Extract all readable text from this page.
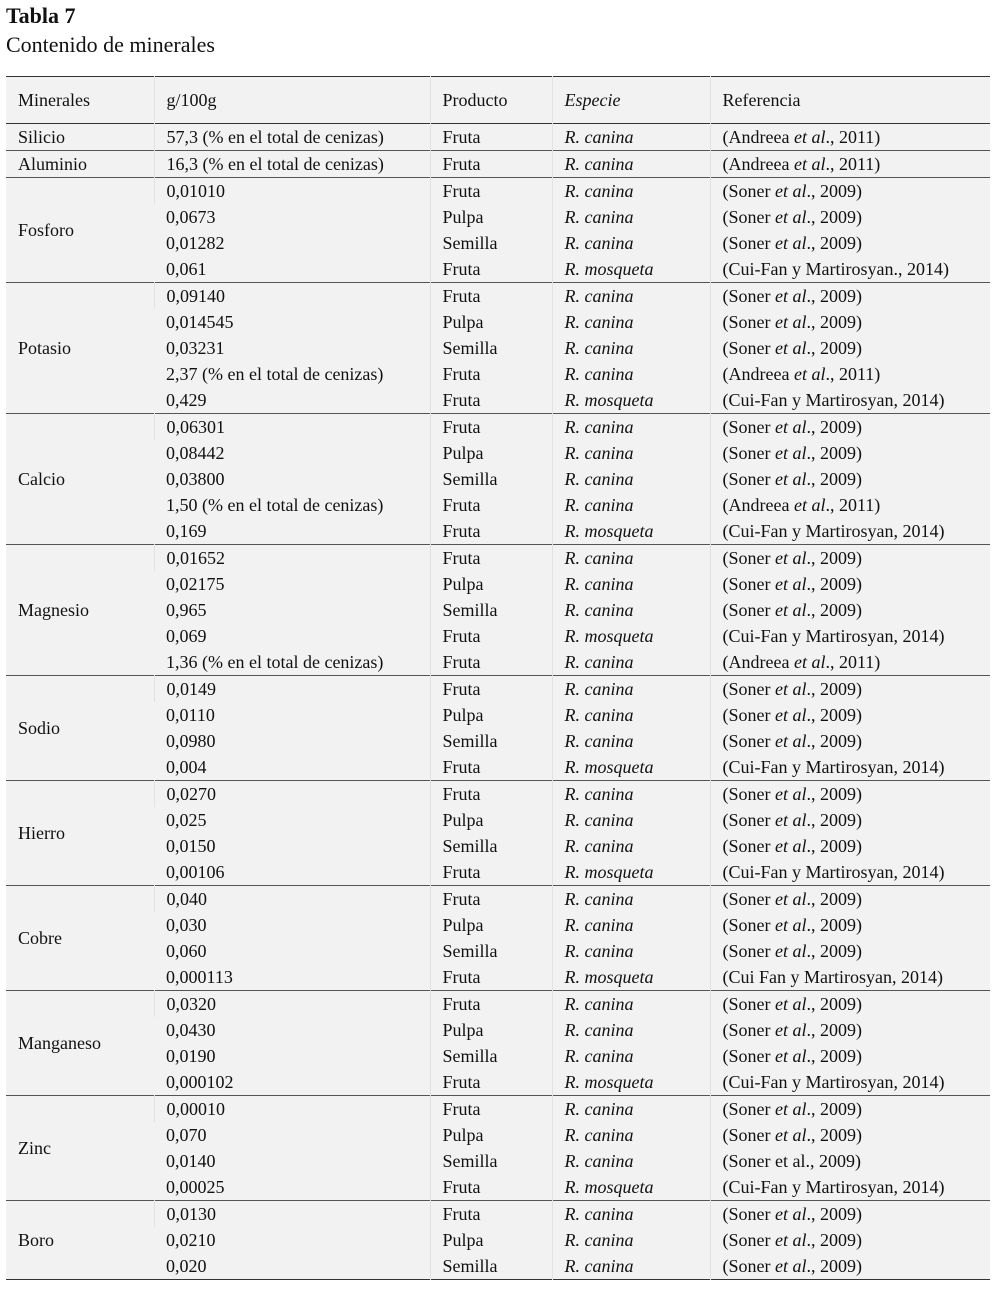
Tabla 7
Contenido de minerales
Minerales	g/100g	Producto	Especie	Referencia
Silicio	57,3 (% en el total de cenizas)	Fruta	R. canina	(Andreea et al., 2011)
Aluminio	16,3 (% en el total de cenizas)	Fruta	R. canina	(Andreea et al., 2011)
Fosforo	0,01010	Fruta	R. canina	(Soner et al., 2009)
	0,0673	Pulpa	R. canina	(Soner et al., 2009)
	0,01282	Semilla	R. canina	(Soner et al., 2009)
	0,061	Fruta	R. mosqueta	(Cui-Fan y Martirosyan., 2014)
Potasio	0,09140	Fruta	R. canina	(Soner et al., 2009)
	0,014545	Pulpa	R. canina	(Soner et al., 2009)
	0,03231	Semilla	R. canina	(Soner et al., 2009)
	2,37 (% en el total de cenizas)	Fruta	R. canina	(Andreea et al., 2011)
	0,429	Fruta	R. mosqueta	(Cui-Fan y Martirosyan, 2014)
Calcio	0,06301	Fruta	R. canina	(Soner et al., 2009)
	0,08442	Pulpa	R. canina	(Soner et al., 2009)
	0,03800	Semilla	R. canina	(Soner et al., 2009)
	1,50 (% en el total de cenizas)	Fruta	R. canina	(Andreea et al., 2011)
	0,169	Fruta	R. mosqueta	(Cui-Fan y Martirosyan, 2014)
Magnesio	0,01652	Fruta	R. canina	(Soner et al., 2009)
	0,02175	Pulpa	R. canina	(Soner et al., 2009)
	0,965	Semilla	R. canina	(Soner et al., 2009)
	0,069	Fruta	R. mosqueta	(Cui-Fan y Martirosyan, 2014)
	1,36 (% en el total de cenizas)	Fruta	R. canina	(Andreea et al., 2011)
Sodio	0,0149	Fruta	R. canina	(Soner et al., 2009)
	0,0110	Pulpa	R. canina	(Soner et al., 2009)
	0,0980	Semilla	R. canina	(Soner et al., 2009)
	0,004	Fruta	R. mosqueta	(Cui-Fan y Martirosyan, 2014)
Hierro	0,0270	Fruta	R. canina	(Soner et al., 2009)
	0,025	Pulpa	R. canina	(Soner et al., 2009)
	0,0150	Semilla	R. canina	(Soner et al., 2009)
	0,00106	Fruta	R. mosqueta	(Cui-Fan y Martirosyan, 2014)
Cobre	0,040	Fruta	R. canina	(Soner et al., 2009)
	0,030	Pulpa	R. canina	(Soner et al., 2009)
	0,060	Semilla	R. canina	(Soner et al., 2009)
	0,000113	Fruta	R. mosqueta	(Cui Fan y Martirosyan, 2014)
Manganeso	0,0320	Fruta	R. canina	(Soner et al., 2009)
	0,0430	Pulpa	R. canina	(Soner et al., 2009)
	0,0190	Semilla	R. canina	(Soner et al., 2009)
	0,000102	Fruta	R. mosqueta	(Cui-Fan y Martirosyan, 2014)
Zinc	0,00010	Fruta	R. canina	(Soner et al., 2009)
	0,070	Pulpa	R. canina	(Soner et al., 2009)
	0,0140	Semilla	R. canina	(Soner et al., 2009)
	0,00025	Fruta	R. mosqueta	(Cui-Fan y Martirosyan, 2014)
Boro	0,0130	Fruta	R. canina	(Soner et al., 2009)
	0,0210	Pulpa	R. canina	(Soner et al., 2009)
	0,020	Semilla	R. canina	(Soner et al., 2009)
